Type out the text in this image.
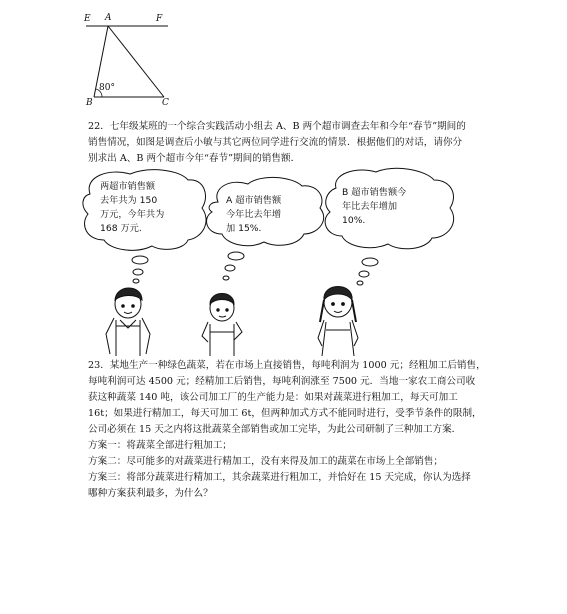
E A	F
B	C
80°
22．七年级某班的一个综合实践活动小组去 A、B 两个超市调查去年和今年“春节”期间的
销售情况，如图是调查后小敏与其它两位同学进行交流的情景．根据他们的对话，请你分
别求出 A、B 两个超市今年“春节”期间的销售额．
两超市销售额
去年共为 150
万元，今年共为
168 万元.
A 超市销售额
今年比去年增
加 15%.
B 超市销售额今
年比去年增加
10%.
23．某地生产一种绿色蔬菜，若在市场上直接销售，每吨利润为 1000 元；经粗加工后销售，
每吨利润可达 4500 元；经精加工后销售，每吨利润涨至 7500 元．当地一家农工商公司收
获这种蔬菜 140 吨，该公司加工厂的生产能力是：如果对蔬菜进行粗加工，每天可加工
16t；如果进行精加工，每天可加工 6t，但两种加式方式不能同时进行，受季节条件的限制，
公司必须在 15 天之内将这批蔬菜全部销售或加工完毕，为此公司研制了三种加工方案．
方案一：将蔬菜全部进行粗加工；
方案二：尽可能多的对蔬菜进行精加工，没有来得及加工的蔬菜在市场上全部销售；
方案三：将部分蔬菜进行精加工，其余蔬菜进行粗加工，并恰好在 15 天完成，你认为选择
哪种方案获利最多，为什么？
